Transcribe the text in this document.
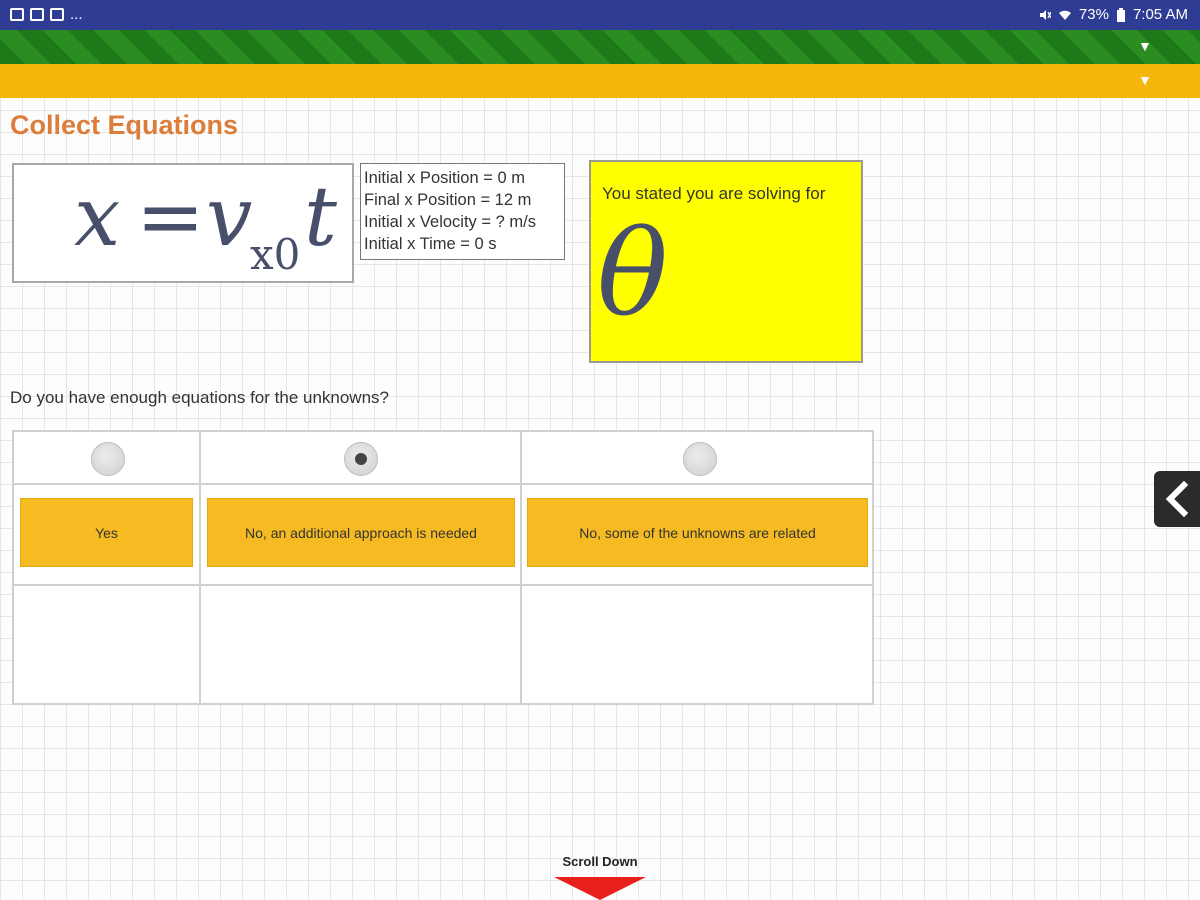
...	73% 7:05 AM
▼
▼
Collect Equations
x = v
x0 t Initial x Position = 0 m
Final x Position = 12 m
Initial x Velocity = ? m/s
Initial x Time = 0 s
You stated you are solving for
θ
Do you have enough equations for the unknowns?
Yes	No, an additional approach is needed	No, some of the unknowns are related
Scroll Down
